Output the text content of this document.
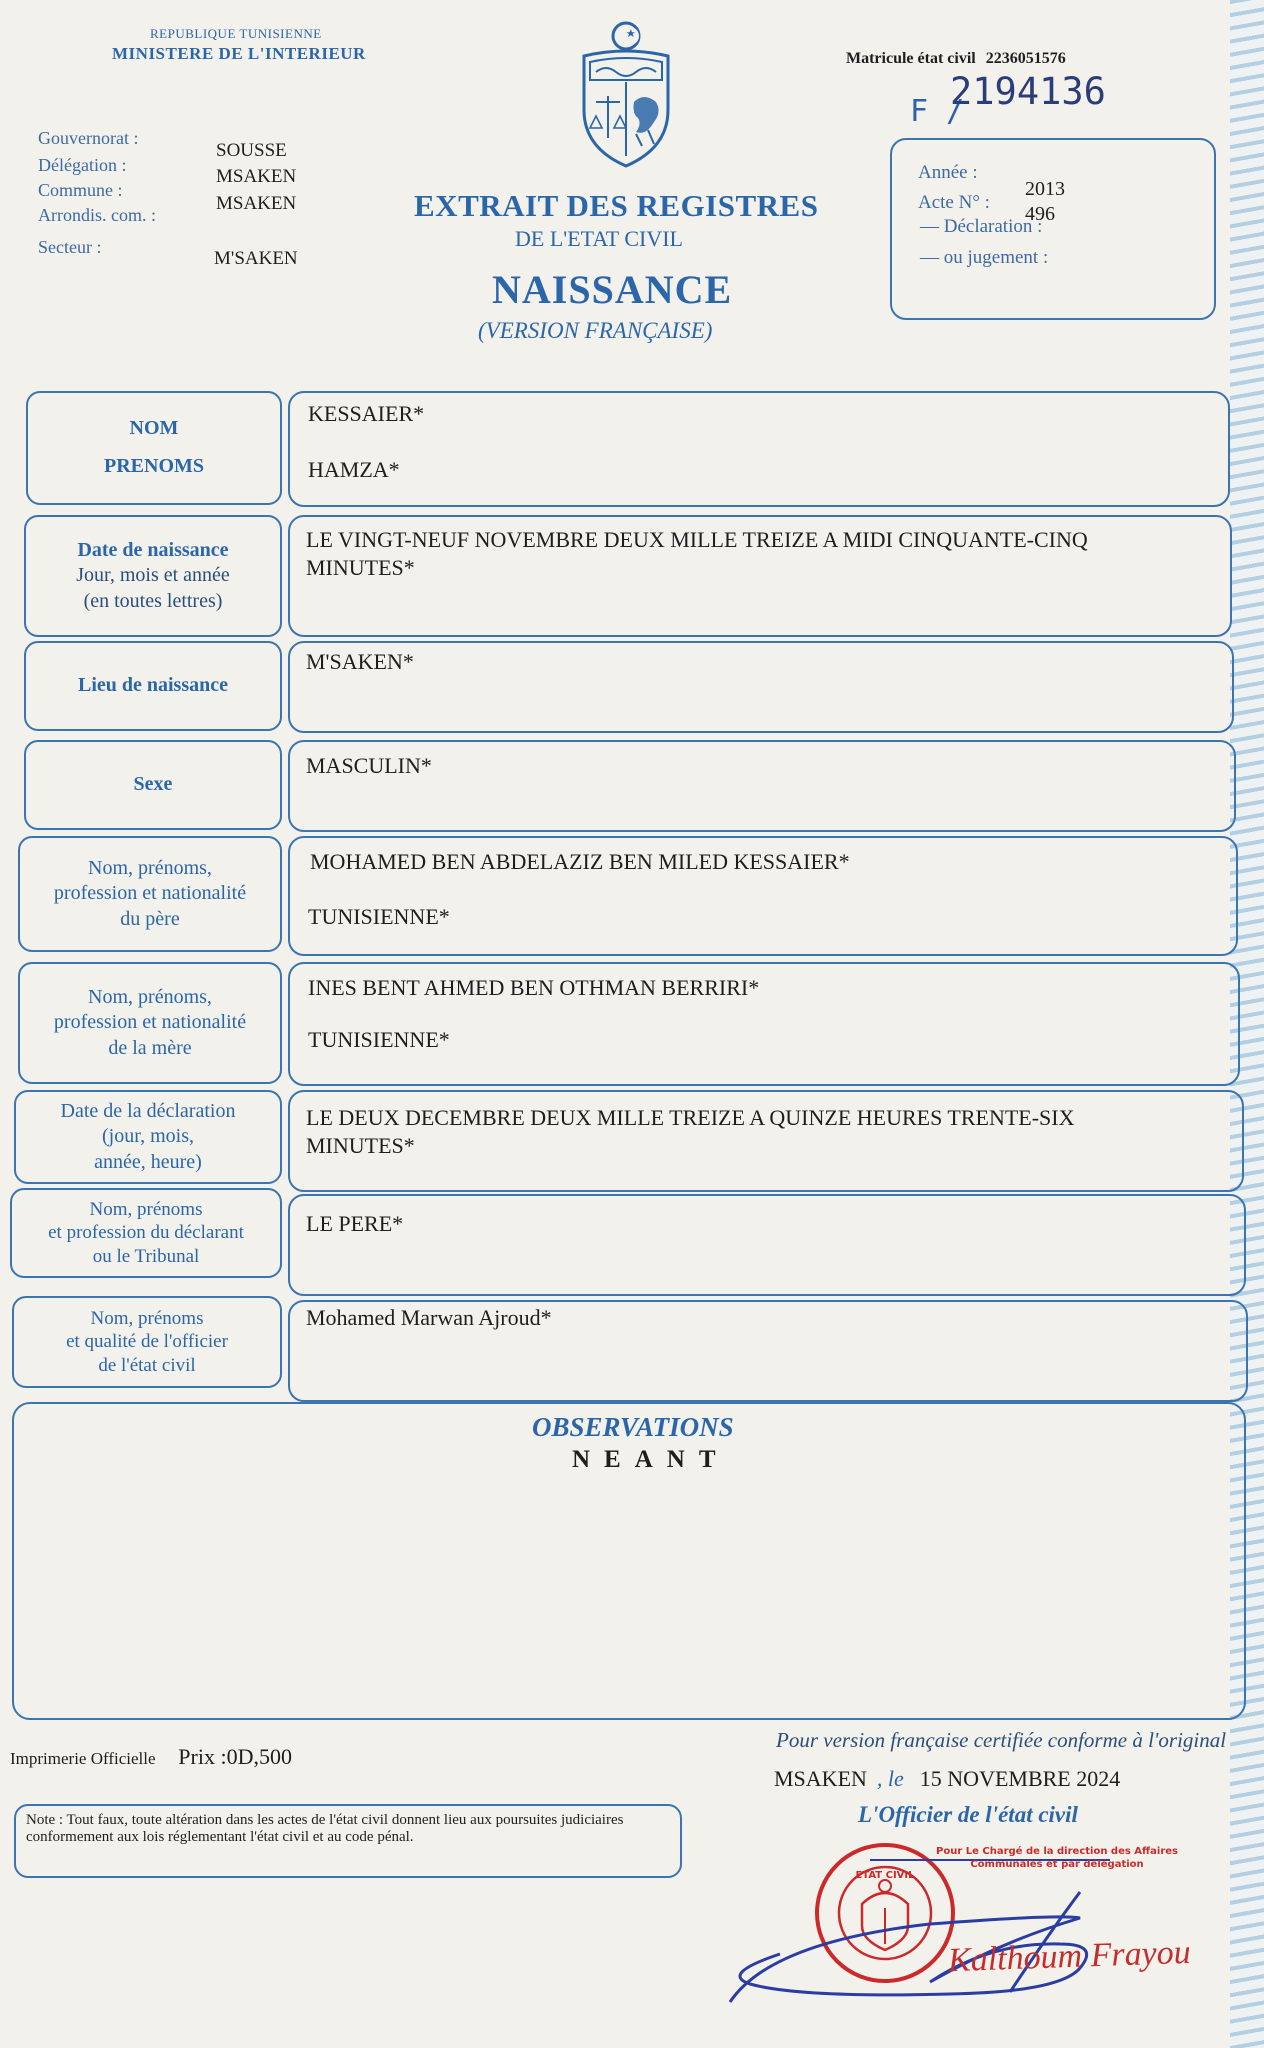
REPUBLIQUE TUNISIENNE
MINISTERE DE L'INTERIEUR
Gouvernorat :
Délégation :
Commune :
Arrondis. com. :
Secteur :
SOUSSE
MSAKEN
MSAKEN
M'SAKEN
EXTRAIT DES REGISTRES
DE L'ETAT CIVIL
NAISSANCE
(VERSION FRANÇAISE)
Matricule état civil 2236051576
F /
2194136
Année :
2013
Acte N° :
496
— Déclaration :
— ou jugement :
NOM
PRENOMS
KESSAIER*
HAMZA*
Date de naissance
Jour, mois et année
(en toutes lettres)
LE VINGT-NEUF NOVEMBRE DEUX MILLE TREIZE A MIDI CINQUANTE-CINQ
MINUTES*
Lieu de naissance
M'SAKEN*
Sexe
MASCULIN*
Nom, prénoms,
profession et nationalité
du père
MOHAMED BEN ABDELAZIZ BEN MILED KESSAIER*
TUNISIENNE*
Nom, prénoms,
profession et nationalité
de la mère
INES BENT AHMED BEN OTHMAN BERRIRI*
TUNISIENNE*
Date de la déclaration
(jour, mois,
année, heure)
LE DEUX DECEMBRE DEUX MILLE TREIZE A QUINZE HEURES TRENTE-SIX
MINUTES*
Nom, prénoms
et profession du déclarant
ou le Tribunal
LE PERE*
Nom, prénoms
et qualité de l'officier
de l'état civil
Mohamed Marwan Ajroud*
OBSERVATIONS
NEANT
Imprimerie Officielle Prix :0D,500
Note : Tout faux, toute altération dans les actes de l'état civil donnent lieu aux poursuites judiciaires conformement aux lois réglementant l'état civil et au code pénal.
Pour version française certifiée conforme à l'original
MSAKEN , le 15 NOVEMBRE 2024
L'Officier de l'état civil
ETAT CIVIL
Pour Le Chargé de la direction des Affaires Communales et par délégation
Kalthoum Frayou
